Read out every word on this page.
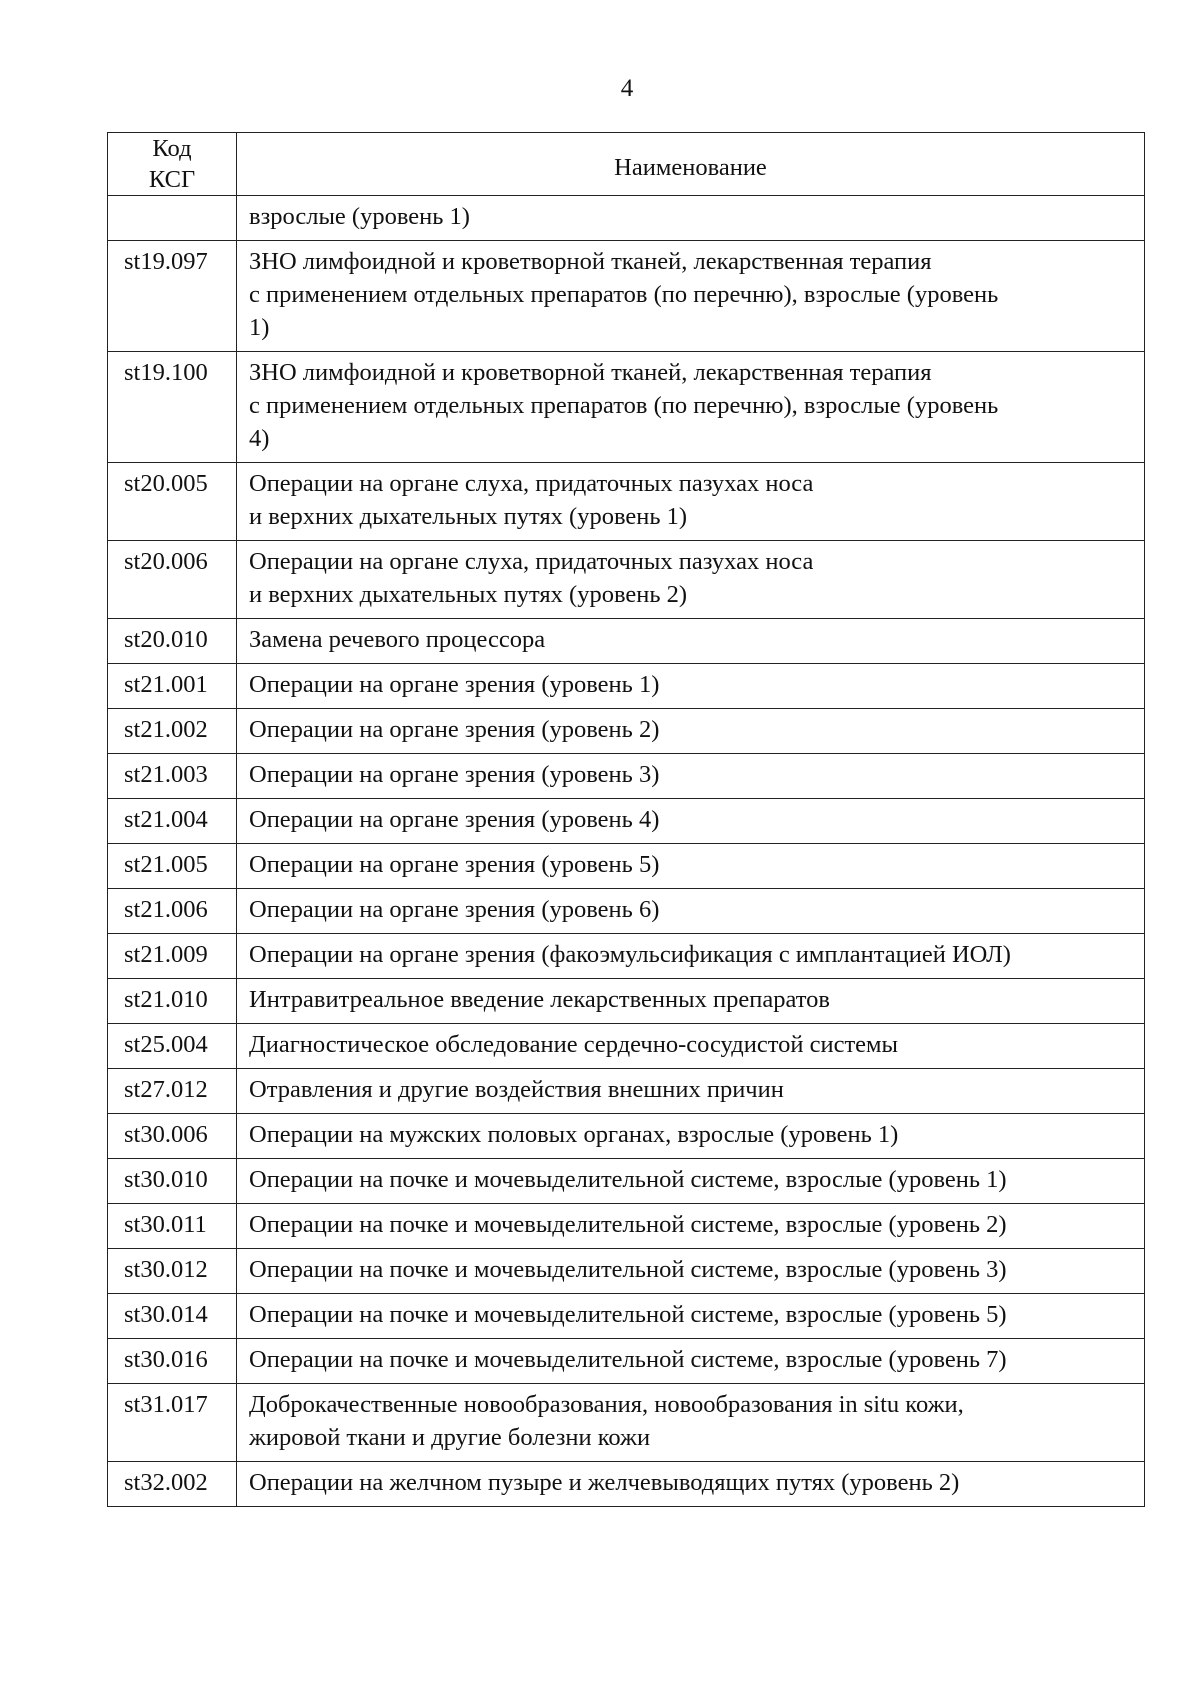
4
Код
КСГ	Наименование
	взрослые (уровень 1)
st19.097	ЗНО лимфоидной и кроветворной тканей, лекарственная терапия
с применением отдельных препаратов (по перечню), взрослые (уровень
1)

st19.100	ЗНО лимфоидной и кроветворной тканей, лекарственная терапия
с применением отдельных препаратов (по перечню), взрослые (уровень
4)

st20.005	Операции на органе слуха, придаточных пазухах носа
и верхних дыхательных путях (уровень 1)

st20.006	Операции на органе слуха, придаточных пазухах носа
и верхних дыхательных путях (уровень 2)

st20.010	Замена речевого процессора
st21.001	Операции на органе зрения (уровень 1)
st21.002	Операции на органе зрения (уровень 2)
st21.003	Операции на органе зрения (уровень 3)
st21.004	Операции на органе зрения (уровень 4)
st21.005	Операции на органе зрения (уровень 5)
st21.006	Операции на органе зрения (уровень 6)
st21.009	Операции на органе зрения (факоэмульсификация с имплантацией ИОЛ)
st21.010	Интравитреальное введение лекарственных препаратов
st25.004	Диагностическое обследование сердечно-сосудистой системы
st27.012	Отравления и другие воздействия внешних причин
st30.006	Операции на мужских половых органах, взрослые (уровень 1)
st30.010	Операции на почке и мочевыделительной системе, взрослые (уровень 1)
st30.011	Операции на почке и мочевыделительной системе, взрослые (уровень 2)
st30.012	Операции на почке и мочевыделительной системе, взрослые (уровень 3)
st30.014	Операции на почке и мочевыделительной системе, взрослые (уровень 5)
st30.016	Операции на почке и мочевыделительной системе, взрослые (уровень 7)
st31.017	Доброкачественные новообразования, новообразования in situ кожи,
жировой ткани и другие болезни кожи

st32.002	Операции на желчном пузыре и желчевыводящих путях (уровень 2)
